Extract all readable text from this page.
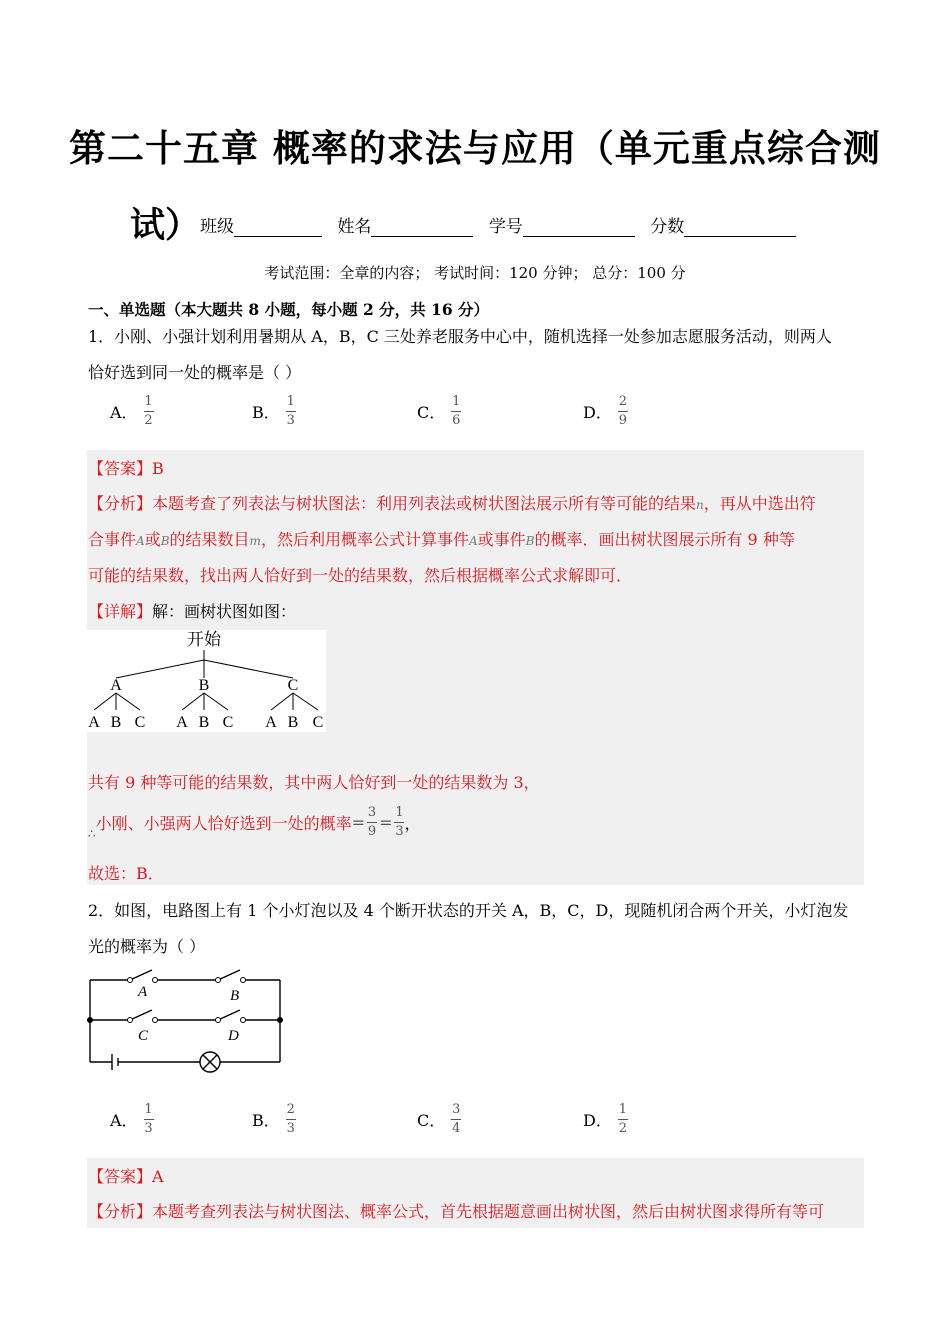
第二十五章 概率的求法与应用（单元重点综合测
试） 班级	姓名	学号	分数
考试范围：全章的内容； 考试时间：120 分钟； 总分：100 分
一、单选题（本大题共 8 小题，每小题 2 分，共 16 分）
1．小刚、小强计划利用暑期从 A，B，C 三处养老服务中心中，随机选择一处参加志愿服务活动，则两人
恰好选到同一处的概率是（ ）
A． $\frac{1}{2}$	B． $\frac{1}{3}$	C． $\frac{1}{6}$	D． $\frac{2}{9}$
【答案】B
【分析】本题考查了列表法与树状图法：利用列表法或树状图法展示所有等可能的结果n，再从中选出符
合事件A或B的结果数目m，然后利用概率公式计算事件A或事件B的概率．画出树状图展示所有 9 种等
可能的结果数，找出两人恰好到一处的结果数，然后根据概率公式求解即可．
【详解】解：画树状图如图：
开始
A	B	C
A B C A B C A B C
共有 9 种等可能的结果数，其中两人恰好到一处的结果数为 3，
∴
小刚、小强两人恰好选到一处的概率 = $\frac{3}{9} = \frac{1}{3}$ ，
故选：B．
2．如图，电路图上有 1 个小灯泡以及 4 个断开状态的开关 A，B，C，D，现随机闭合两个开关，小灯泡发
光的概率为（ ）
A	B
C	D
A． $\frac{1}{3}$	B． $\frac{2}{3}$	C． $\frac{3}{4}$	D． $\frac{1}{2}$
【答案】A
【分析】本题考查列表法与树状图法、概率公式，首先根据题意画出树状图，然后由树状图求得所有等可
